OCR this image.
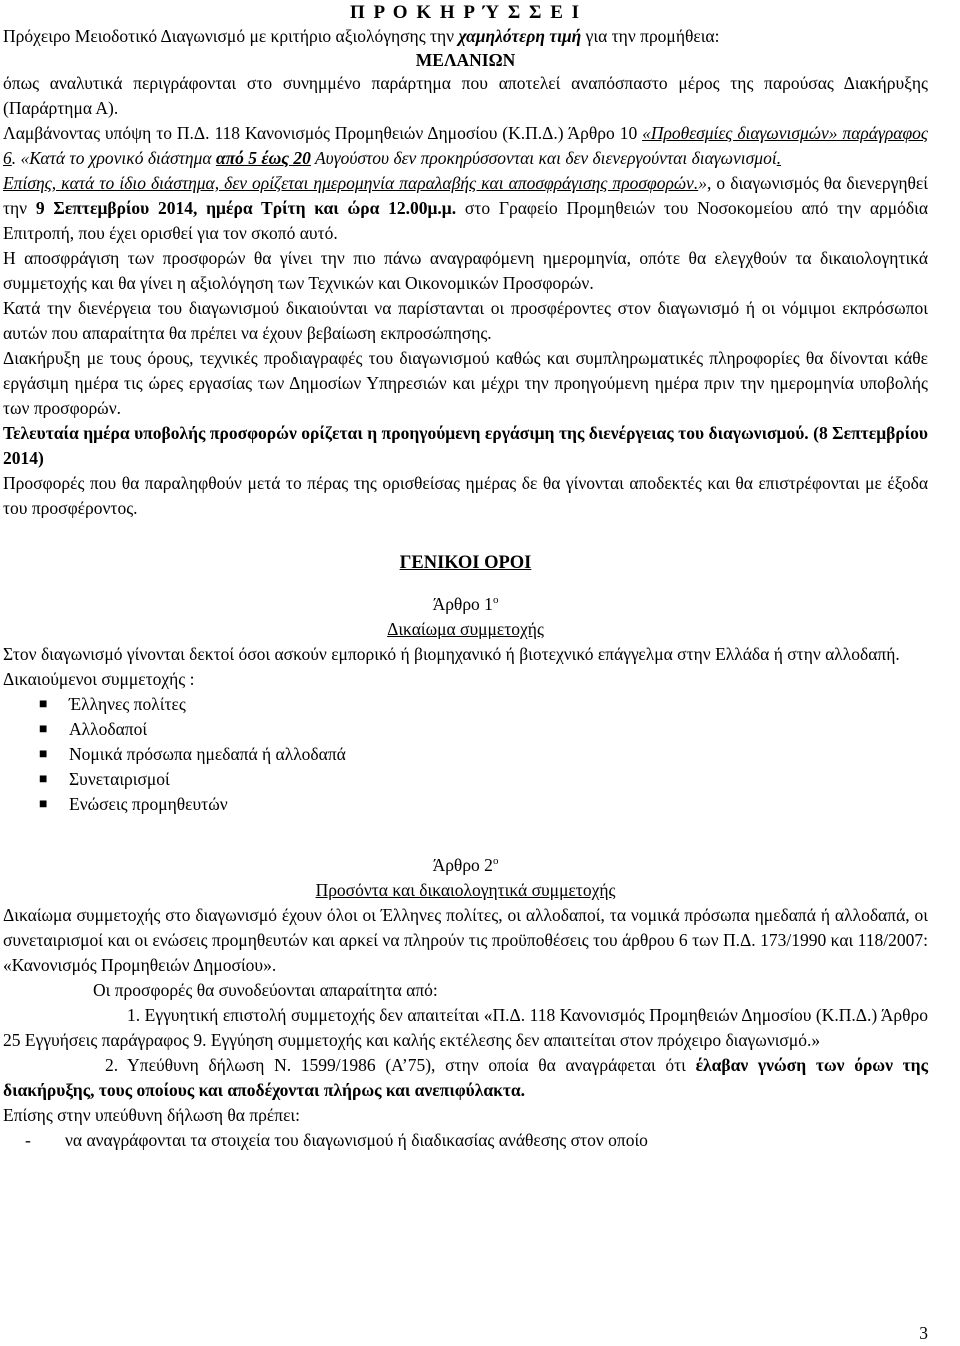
Π Ρ Ο Κ Η Ρ Ύ Σ Σ Ε Ι

Πρόχειρο Μειοδοτικό Διαγωνισμό με κριτήριο αξιολόγησης την χαμηλότερη τιμή για την προμήθεια:

ΜΕΛΑΝΙΩΝ

όπως αναλυτικά περιγράφονται στο συνημμένο παράρτημα που αποτελεί αναπόσπαστο μέρος της παρούσας Διακήρυξης (Παράρτημα Α).

Λαμβάνοντας υπόψη το Π.Δ. 118 Κανονισμός Προμηθειών Δημοσίου (Κ.Π.Δ.) Άρθρο 10 «Προθεσμίες διαγωνισμών» παράγραφος 6. «Κατά το χρονικό διάστημα από 5 έως 20 Αυγούστου δεν προκηρύσσονται και δεν διενεργούνται διαγωνισμοί.

Επίσης, κατά το ίδιο διάστημα, δεν ορίζεται ημερομηνία παραλαβής και αποσφράγισης προσφορών.», ο διαγωνισμός θα διενεργηθεί την 9 Σεπτεμβρίου 2014, ημέρα Τρίτη και ώρα 12.00μ.μ. στο Γραφείο Προμηθειών του Νοσοκομείου από την αρμόδια Επιτροπή, που έχει ορισθεί για τον σκοπό αυτό.

Η αποσφράγιση των προσφορών θα γίνει την πιο πάνω αναγραφόμενη ημερομηνία, οπότε θα ελεγχθούν τα δικαιολογητικά συμμετοχής και θα γίνει η αξιολόγηση των Τεχνικών και Οικονομικών Προσφορών.

Κατά την διενέργεια του διαγωνισμού δικαιούνται να παρίστανται οι προσφέροντες στον διαγωνισμό ή οι νόμιμοι εκπρόσωποι αυτών που απαραίτητα θα πρέπει να έχουν βεβαίωση εκπροσώπησης.

Διακήρυξη με τους όρους, τεχνικές προδιαγραφές του διαγωνισμού καθώς και συμπληρωματικές πληροφορίες θα δίνονται κάθε εργάσιμη ημέρα τις ώρες εργασίας των Δημοσίων Υπηρεσιών και μέχρι την προηγούμενη ημέρα πριν την ημερομηνία υποβολής των προσφορών.

Τελευταία ημέρα υποβολής προσφορών ορίζεται η προηγούμενη εργάσιμη της διενέργειας του διαγωνισμού. (8 Σεπτεμβρίου 2014)

Προσφορές που θα παραληφθούν μετά το πέρας της ορισθείσας ημέρας δε θα γίνονται αποδεκτές και θα επιστρέφονται με έξοδα του προσφέροντος.

ΓΕΝΙΚΟΙ ΟΡΟΙ

Άρθρο $1^o$

Δικαίωμα συμμετοχής

Στον διαγωνισμό γίνονται δεκτοί όσοι ασκούν εμπορικό ή βιομηχανικό ή βιοτεχνικό επάγγελμα στην Ελλάδα ή στην αλλοδαπή.

Δικαιούμενοι συμμετοχής :

■ Έλληνες πολίτες
■ Αλλοδαποί
■ Νομικά πρόσωπα ημεδαπά ή αλλοδαπά
■ Συνεταιρισμοί
■ Ενώσεις προμηθευτών

Άρθρο $2^o$

Προσόντα και δικαιολογητικά συμμετοχής

Δικαίωμα συμμετοχής στο διαγωνισμό έχουν όλοι οι Έλληνες πολίτες, οι αλλοδαποί, τα νομικά πρόσωπα ημεδαπά ή αλλοδαπά, οι συνεταιρισμοί και οι ενώσεις προμηθευτών και αρκεί να πληρούν τις προϋποθέσεις του άρθρου 6 των Π.Δ. 173/1990 και 118/2007: «Κανονισμός Προμηθειών Δημοσίου».

Οι προσφορές θα συνοδεύονται απαραίτητα από:

1. Εγγυητική επιστολή συμμετοχής δεν απαιτείται «Π.Δ. 118 Κανονισμός Προμηθειών Δημοσίου (Κ.Π.Δ.) Άρθρο 25 Εγγυήσεις παράγραφος 9. Εγγύηση συμμετοχής και καλής εκτέλεσης δεν απαιτείται στον πρόχειρο διαγωνισμό.»

2. Υπεύθυνη δήλωση Ν. 1599/1986 (Α’75), στην οποία θα αναγράφεται ότι έλαβαν γνώση των όρων της διακήρυξης, τους οποίους και αποδέχονται πλήρως και ανεπιφύλακτα.

Επίσης στην υπεύθυνη δήλωση θα πρέπει:

-	να αναγράφονται τα στοιχεία του διαγωνισμού ή διαδικασίας ανάθεσης στον οποίο
3
